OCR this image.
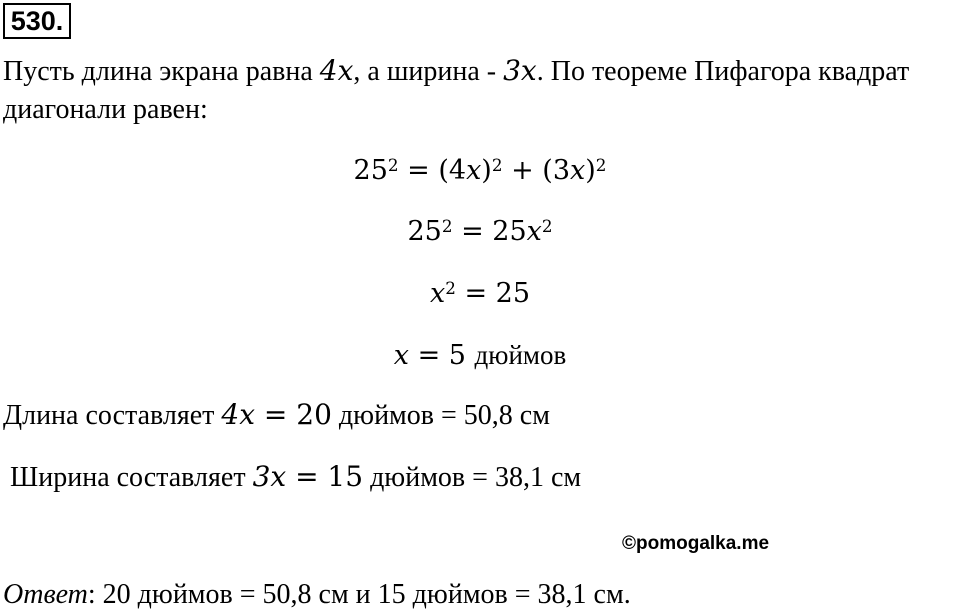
530.
Пусть длина экрана равна 4x, а ширина - 3x. По теореме Пифагора квадрат
диагонали равен:
$25^2 = (4x)^2 + (3x)^2$
$25^2 = 25x^2$
$x^2 = 25$
x = 5 дюймов
Длина составляет 4x = 20 дюймов = 50,8 см
Ширина составляет 3x = 15 дюймов = 38,1 см
©pomogalka.me
Ответ: 20 дюймов = 50,8 см и 15 дюймов = 38,1 см.
